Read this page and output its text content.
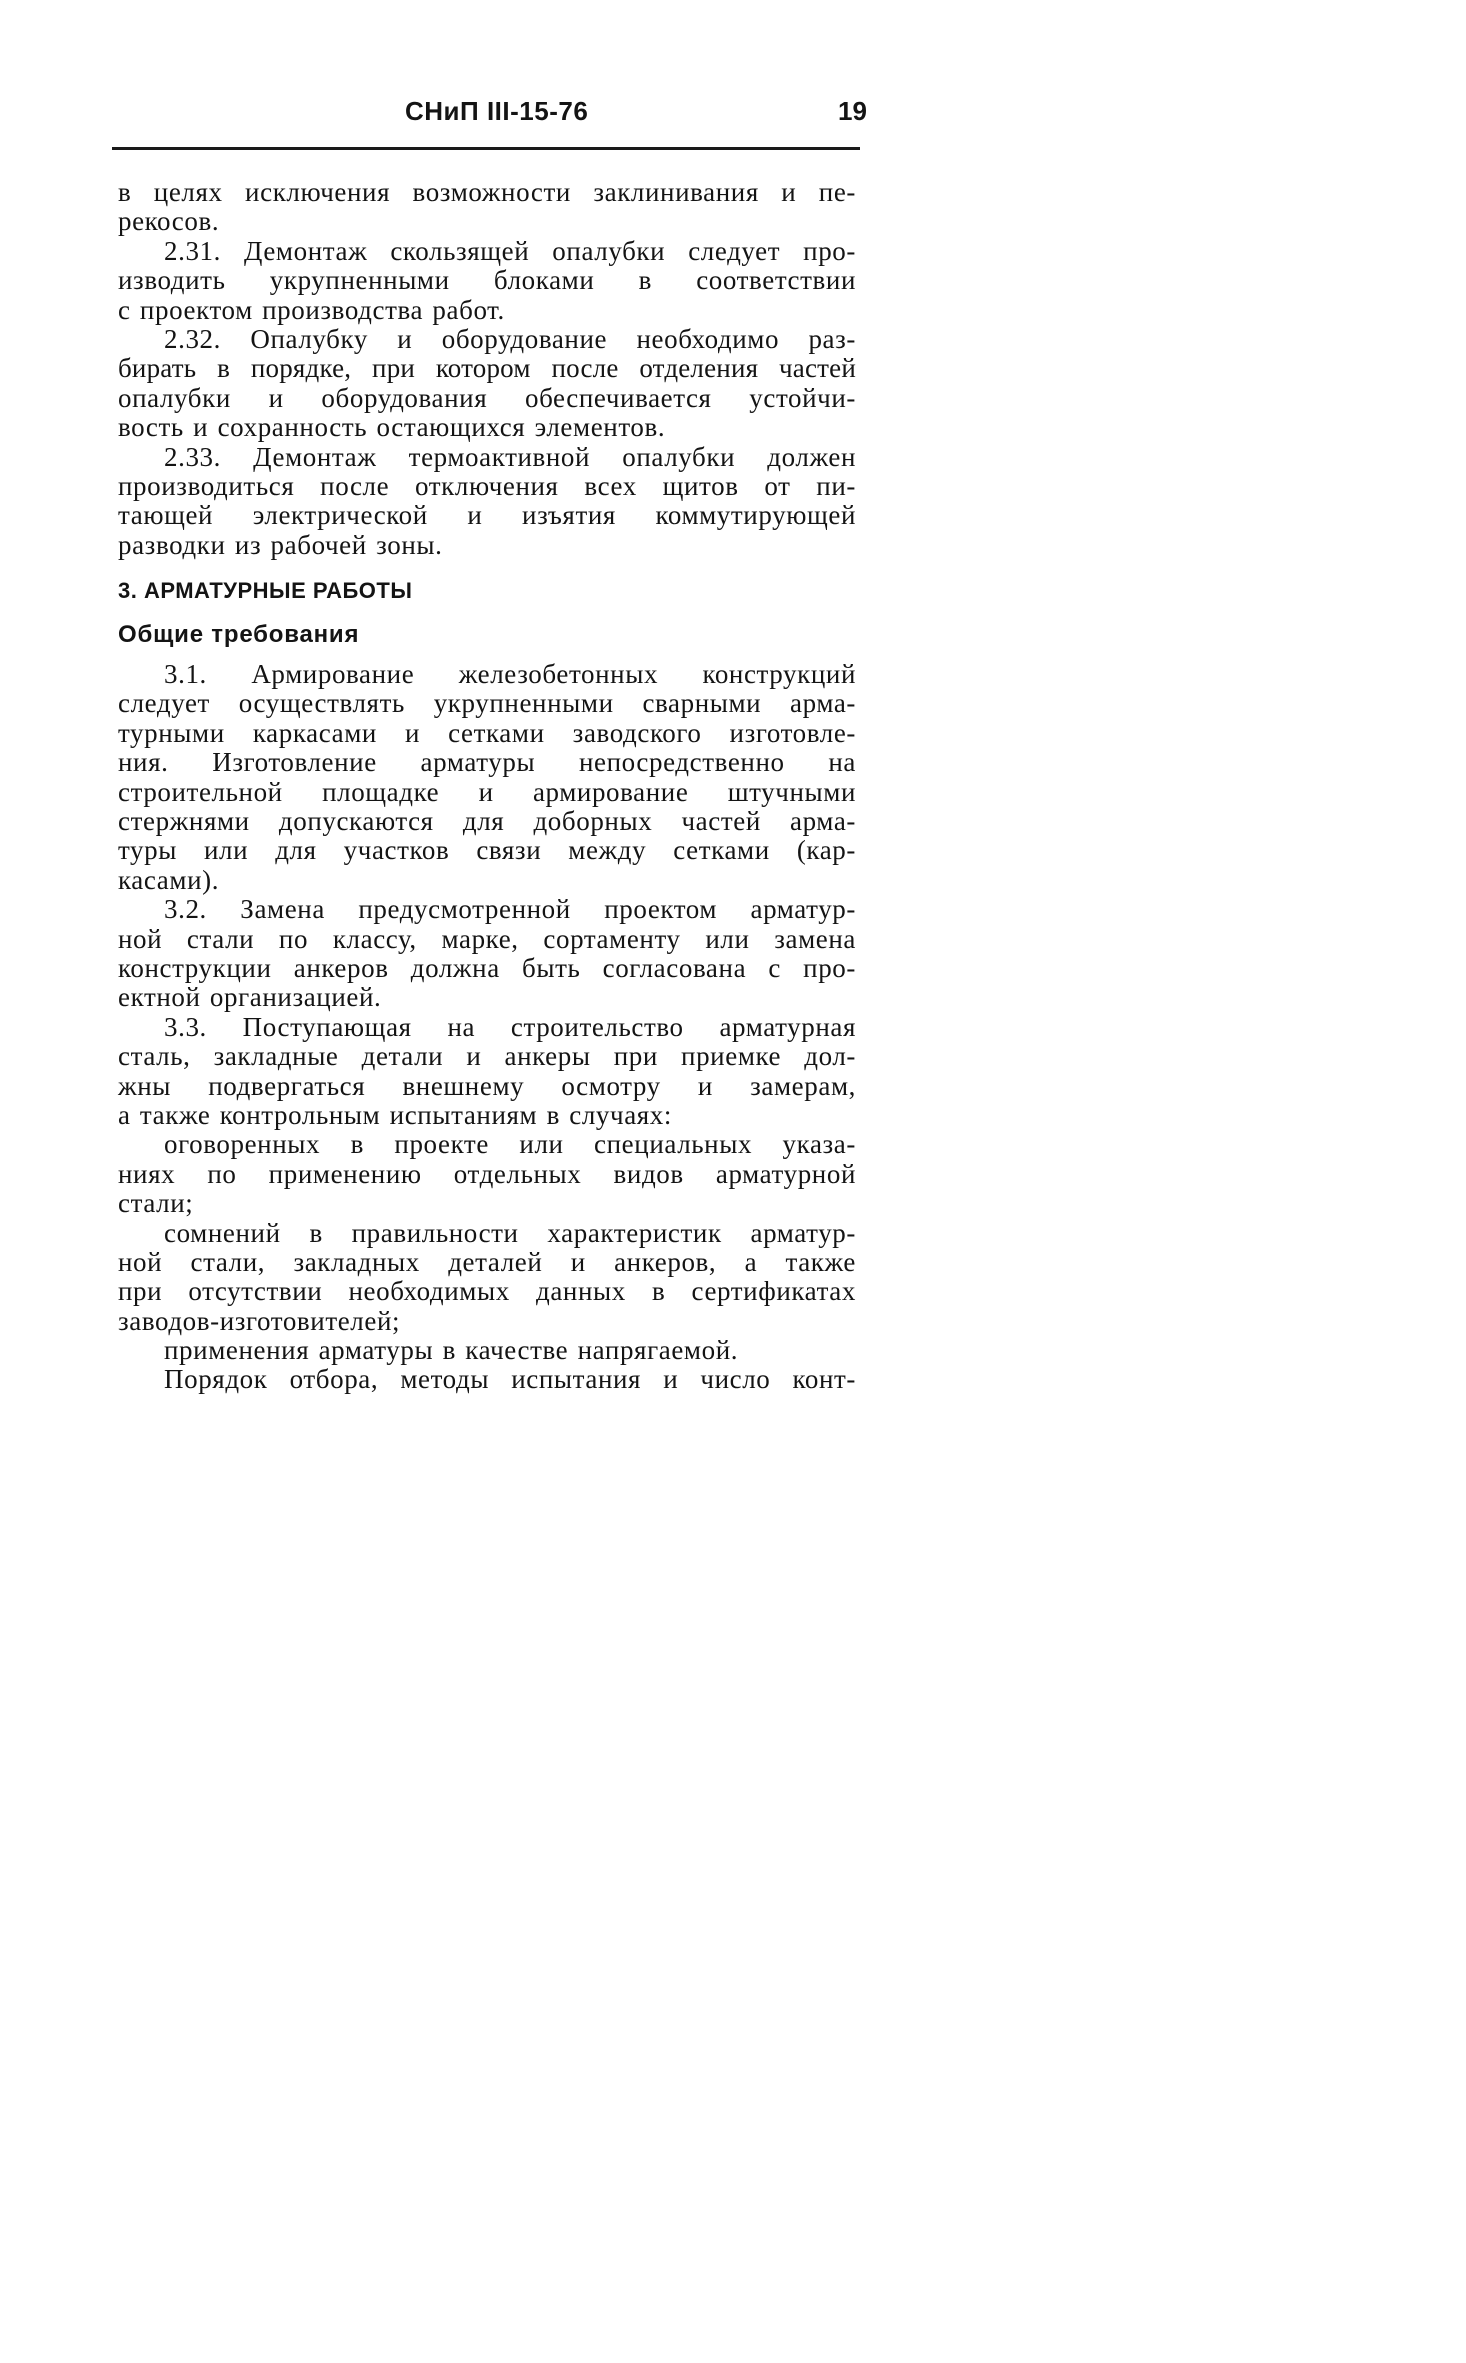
СНиП III-15-76	19
в целях исключения возможности заклинивания и пе-
рекосов.
2.31. Демонтаж скользящей опалубки следует про-
изводить укрупненными блоками в соответствии
с проектом производства работ.
2.32. Опалубку и оборудование необходимо раз-
бирать в порядке, при котором после отделения частей
опалубки и оборудования обеспечивается устойчи-
вость и сохранность остающихся элементов.
2.33. Демонтаж термоактивной опалубки должен
производиться после отключения всех щитов от пи-
тающей электрической и изъятия коммутирующей
разводки из рабочей зоны.
3. АРМАТУРНЫЕ РАБОТЫ
Общие требования
3.1. Армирование железобетонных конструкций
следует осуществлять укрупненными сварными арма-
турными каркасами и сетками заводского изготовле-
ния. Изготовление арматуры непосредственно на
строительной площадке и армирование штучными
стержнями допускаются для доборных частей арма-
туры или для участков связи между сетками (кар-
касами).
3.2. Замена предусмотренной проектом арматур-
ной стали по классу, марке, сортаменту или замена
конструкции анкеров должна быть согласована с про-
ектной организацией.
3.3. Поступающая на строительство арматурная
сталь, закладные детали и анкеры при приемке дол-
жны подвергаться внешнему осмотру и замерам,
а также контрольным испытаниям в случаях:
оговоренных в проекте или специальных указа-
ниях по применению отдельных видов арматурной
стали;
сомнений в правильности характеристик арматур-
ной стали, закладных деталей и анкеров, а также
при отсутствии необходимых данных в сертификатах
заводов-изготовителей;
применения арматуры в качестве напрягаемой.
Порядок отбора, методы испытания и число конт-
